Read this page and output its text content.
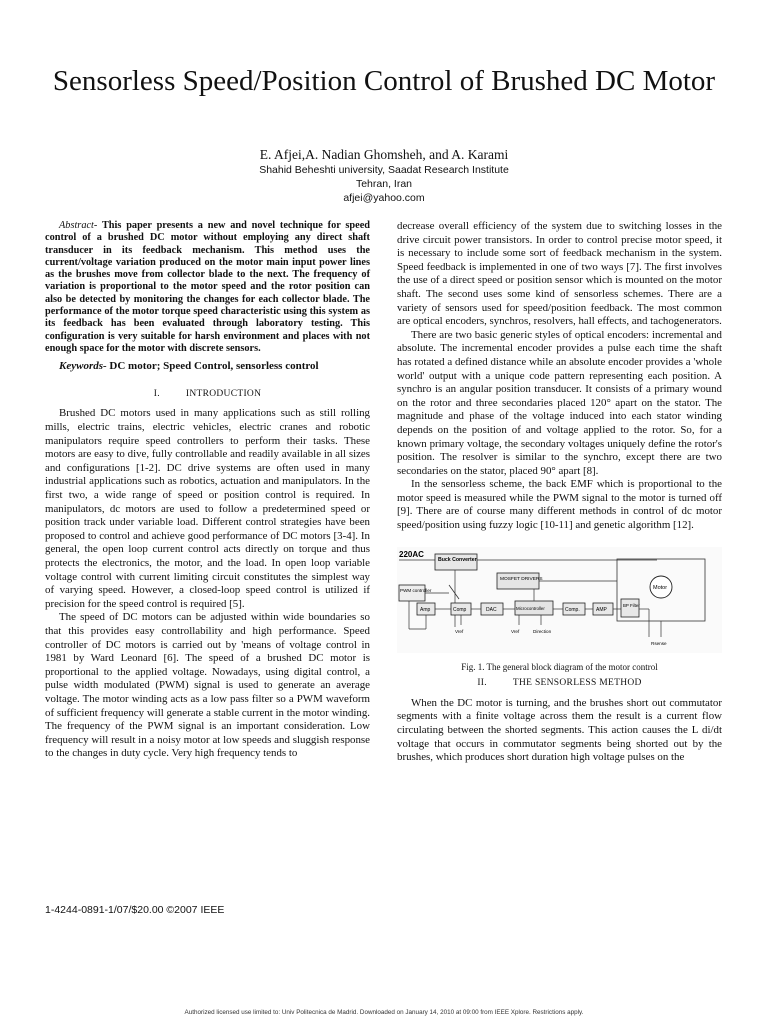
Sensorless Speed/Position Control of Brushed DC Motor
E. Afjei,A. Nadian Ghomsheh, and A. Karami
Shahid Beheshti university, Saadat Research Institute
Tehran, Iran
afjei@yahoo.com

Abstract- This paper presents a new and novel technique for speed control of a brushed DC motor without employing any direct shaft transducer in its feedback mechanism. This method uses the current/voltage variation produced on the motor main input power lines as the brushes move from collector blade to the next. The frequency of variation is proportional to the motor speed and the rotor position can also be detected by monitoring the changes for each collector blade. The performance of the motor torque speed characteristic using this system as its feedback has been evaluated through laboratory testing. This configuration is very suitable for harsh environment and places with not enough space for the motor with discrete sensors.

Keywords- DC motor; Speed Control, sensorless control

I.	INTRODUCTION

Brushed DC motors used in many applications such as still rolling mills, electric trains, electric vehicles, electric cranes and robotic manipulators require speed controllers to perform their tasks. These motors are easy to dive, fully controllable and readily available in all sizes and configurations [1-2]. DC drive systems are often used in many industrial applications such as robotics, actuation and manipulators. In the first two, a wide range of speed or position control is required. In manipulators, dc motors are used to follow a predetermined speed or position track under variable load. Different control strategies have been proposed to control and achieve good performance of DC motors [3-4]. In general, the open loop current control acts directly on torque and thus protects the electronics, the motor, and the load. In open loop variable voltage control with current limiting circuit constitutes the simplest way of varying speed. However, a closed-loop speed control is utilized if precision for the speed control is required [5].

The speed of DC motors can be adjusted within wide boundaries so that this provides easy controllability and high performance. Speed controller of DC motors is carried out by 'means of voltage control in 1981 by Ward Leonard [6]. The speed of a brushed DC motor is proportional to the applied voltage. Nowadays, using digital control, a pulse width modulated (PWM) signal is used to generate an average voltage. The motor winding acts as a low pass filter so a PWM waveform of sufficient frequency will generate a stable current in the motor winding. The frequency of the PWM signal is an important consideration. Low frequency will result in a noisy motor at low speeds and sluggish response to the changes in duty cycle. Very high frequency tends to

decrease overall efficiency of the system due to switching losses in the drive circuit power transistors. In order to control precise motor speed, it is necessary to include some sort of feedback mechanism in the system. Speed feedback is implemented in one of two ways [7]. The first involves the use of a direct speed or position sensor which is mounted on the motor shaft. The second uses some kind of sensorless schemes. There are a variety of sensors used for speed/position feedback. The most common are optical encoders, synchros, resolvers, hall effects, and tachogenerators.

There are two basic generic styles of optical encoders: incremental and absolute. The incremental encoder provides a pulse each time the shaft has rotated a defined distance while an absolute encoder provides a 'whole world' output with a unique code pattern representing each position. A synchro is an angular position transducer. It consists of a primary wound on the rotor and three secondaries placed 120° apart on the stator. The magnitude and phase of the voltage induced into each stator winding depends on the position of and voltage applied to the rotor. So, for a known primary voltage, the secondary voltages uniquely define the rotor's position. The resolver is similar to the synchro, except there are two secondaries on the stator, placed 90° apart [8].

In the sensorless scheme, the back EMF which is proportional to the motor speed is measured while the PWM signal to the motor is turned off [9]. There are of course many different methods in control of dc motor speed/position using fuzzy logic [10-11] and genetic algorithm [12].

220AC
Buck Converter
PWM controller
MOSFET DRIVERS
Motor
Rsense
Amp	Comp	DAC	Microcontroller	Comp.	AMP
BP Filter
Vref	Vref	Direction

Fig. 1. The general block diagram of the motor control

II.	THE SENSORLESS METHOD

When the DC motor is turning, and the brushes short out commutator segments with a finite voltage across them the result is a current flow circulating between the shorted segments. This action causes the L di/dt voltage that occurs in commutator segments being shorted out by the brushes, which produces short duration high voltage pulses on the

1-4244-0891-1/07/$20.00 ©2007 IEEE
Authorized licensed use limited to: Univ Politecnica de Madrid. Downloaded on January 14, 2010 at 09:00 from IEEE Xplore. Restrictions apply.
